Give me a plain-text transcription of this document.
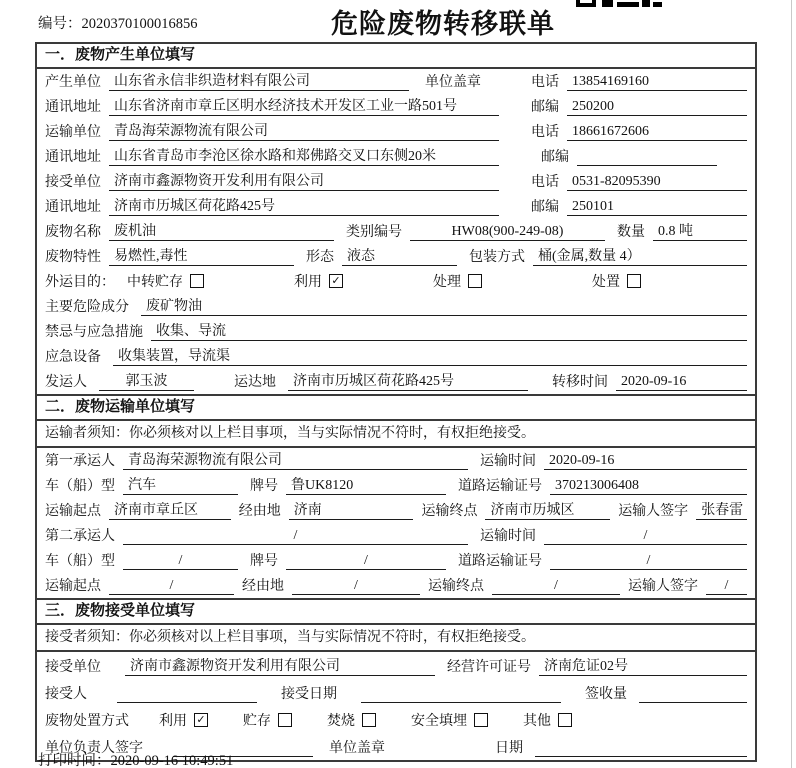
编号：2020370100016856	危险废物转移联单
一．废物产生单位填写
产生单位 山东省永信非织造材料有限公司	单位盖章	电话 13854169160
通讯地址 山东省济南市章丘区明水经济技术开发区工业一路501号	邮编 250200
运输单位 青岛海荣源物流有限公司	电话 18661672606
通讯地址 山东省青岛市李沧区徐水路和郑佛路交叉口东侧20米	邮编
接受单位 济南市鑫源物资开发利用有限公司	电话 0531-82095390
通讯地址 济南市历城区荷花路425号	邮编 250101
废物名称 废机油	类别编号	HW08(900-249-08)	数量 0.8 吨
废物特性 易燃性,毒性	形态 液态	包装方式 桶(金属,数量 4）
外运目的： 中转贮存	利用 ✓	处理	处置
主要危险成分	废矿物油
禁忌与应急措施 收集、导流
应急设备	收集装置，导流渠
发运人	郭玉波	运达地	济南市历城区荷花路425号	转移时间 2020-09-16
二．废物运输单位填写
运输者须知：你必须核对以上栏目事项，当与实际情况不符时，有权拒绝接受。
第一承运人 青岛海荣源物流有限公司	运输时间 2020-09-16
车（船）型 汽车	牌号 鲁UK8120	道路运输证号 370213006408
运输起点 济南市章丘区	经由地 济南	运输终点 济南市历城区	运输人签字 张春雷
第二承运人	/	运输时间	/
车（船）型	/	牌号	/	道路运输证号	/
运输起点	/	经由地	/	运输终点	/	运输人签字	/
三．废物接受单位填写
接受者须知：你必须核对以上栏目事项，当与实际情况不符时，有权拒绝接受。
接受单位	济南市鑫源物资开发利用有限公司	经营许可证号 济南危证02号
接受人	接受日期	签收量
废物处置方式 利用 ✓	贮存	焚烧	安全填埋	其他
单位负责人签字	单位盖章	日期
打印时间：2020-09-16 10:49:51
